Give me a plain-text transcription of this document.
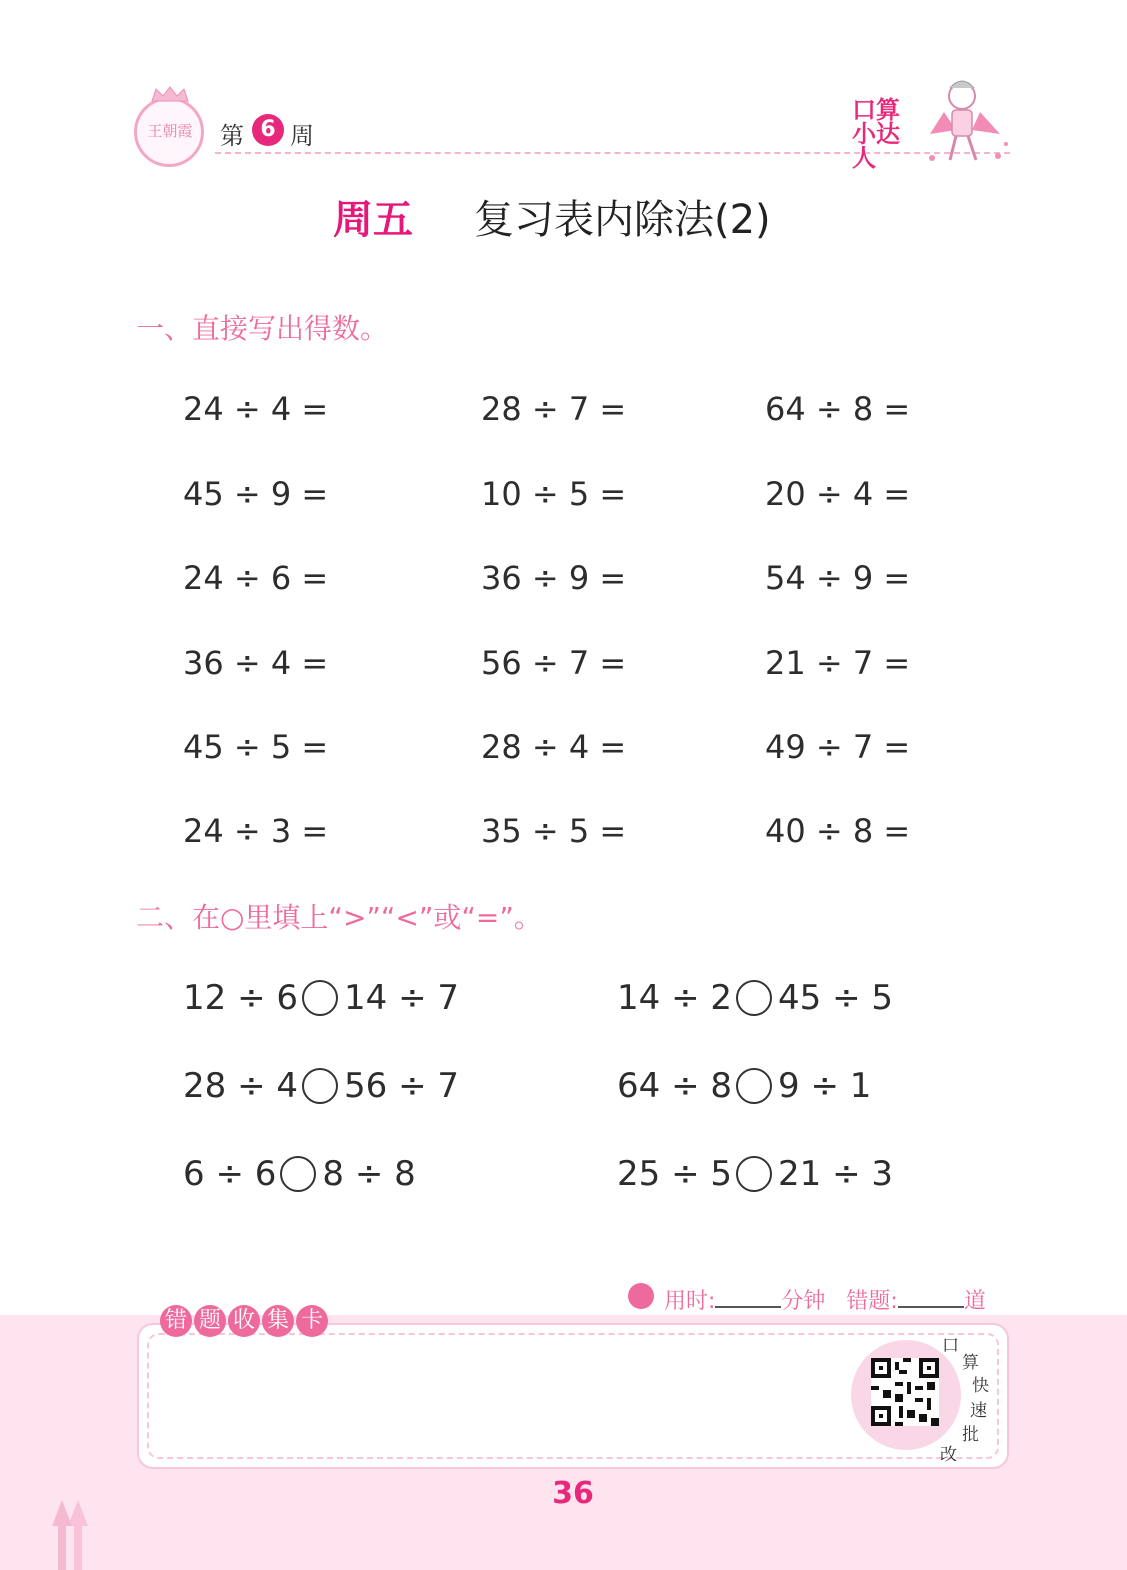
王朝霞 第 6 周
口算
小达人
周五 复习表内除法(2)
一、直接写出得数。
24 ÷ 4 =	28 ÷ 7 =	64 ÷ 8 =
45 ÷ 9 =	10 ÷ 5 =	20 ÷ 4 =
24 ÷ 6 =	36 ÷ 9 =	54 ÷ 9 =
36 ÷ 4 =	56 ÷ 7 =	21 ÷ 7 =
45 ÷ 5 =	28 ÷ 4 =	49 ÷ 7 =
24 ÷ 3 =	35 ÷ 5 =	40 ÷ 8 =
二、在○里填上“>”“<”或“=”。
12 ÷ 6 14 ÷ 7	14 ÷ 2 45 ÷ 5
28 ÷ 4 56 ÷ 7	64 ÷ 8 9 ÷ 1
6 ÷ 6 8 ÷ 8	25 ÷ 5 21 ÷ 3
用时:	分钟 错题:	道
错 题 收 集 卡
口
算
快
速
批
改
36
